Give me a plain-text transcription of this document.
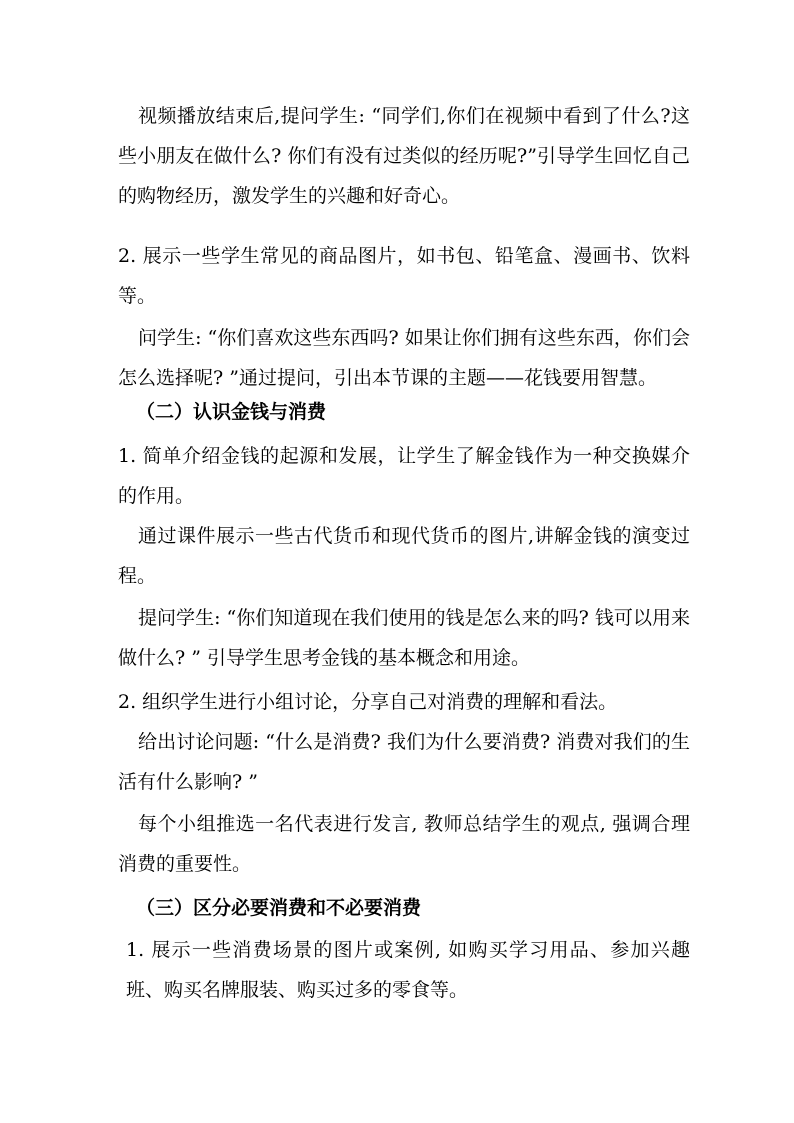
视频播放结束后,提问学生: “同学们,你们在视频中看到了什么?这些小朋友在做什么? 你们有没有过类似的经历呢?”引导学生回忆自己的购物经历，激发学生的兴趣和好奇心。

2. 展示一些学生常见的商品图片，如书包、铅笔盒、漫画书、饮料等。

问学生: “你们喜欢这些东西吗? 如果让你们拥有这些东西，你们会怎么选择呢? ”通过提问，引出本节课的主题——花钱要用智慧。

（二）认识金钱与消费

1. 简单介绍金钱的起源和发展，让学生了解金钱作为一种交换媒介的作用。

通过课件展示一些古代货币和现代货币的图片,讲解金钱的演变过程。

提问学生: “你们知道现在我们使用的钱是怎么来的吗? 钱可以用来做什么? ” 引导学生思考金钱的基本概念和用途。

2. 组织学生进行小组讨论，分享自己对消费的理解和看法。

给出讨论问题: “什么是消费? 我们为什么要消费? 消费对我们的生活有什么影响? ”

每个小组推选一名代表进行发言, 教师总结学生的观点, 强调合理消费的重要性。

（三）区分必要消费和不必要消费

1. 展示一些消费场景的图片或案例, 如购买学习用品、参加兴趣班、购买名牌服装、购买过多的零食等。
